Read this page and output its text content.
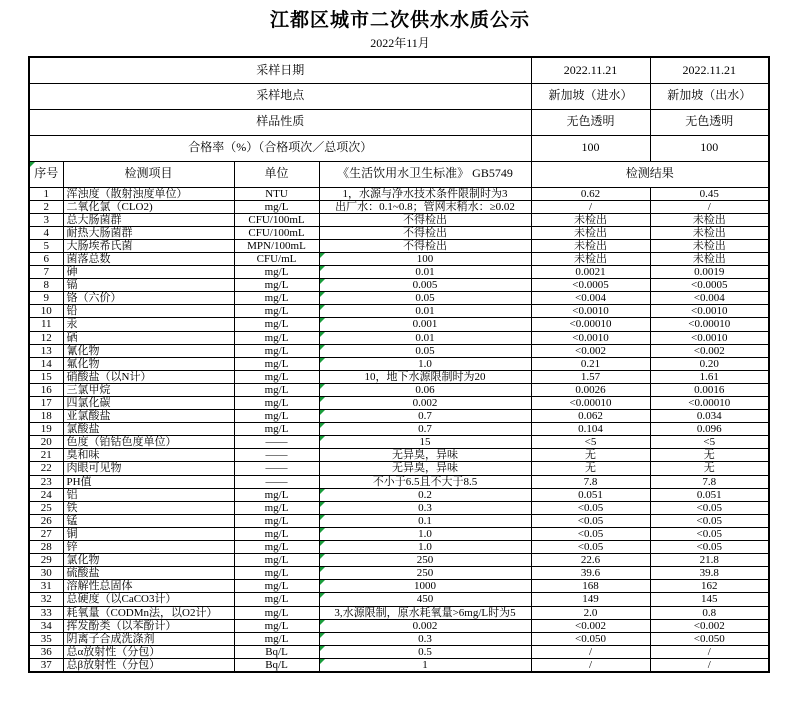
江都区城市二次供水水质公示
2022年11月
采样日期				2022.11.21	2022.11.21
采样地点				新加坡（进水）	新加坡（出水）
样品性质				无色透明	无色透明
合格率（%）（合格项次／总项次）				100	100
序号	检测项目	单位	《生活饮用水卫生标准》 GB5749	检测结果	
1	浑浊度（散射浊度单位）	NTU	1，水源与净水技术条件限制时为3	0.62	0.45
2	二氧化氯（CLO2)	mg/L	出厂水：0.1~0.8；管网末稍水：≥0.02	/	/
3	总大肠菌群	CFU/100mL	不得检出	未检出	未检出
4	耐热大肠菌群	CFU/100mL	不得检出	未检出	未检出
5	大肠埃希氏菌	MPN/100mL	不得检出	未检出	未检出
6	菌落总数	CFU/mL	100	未检出	未检出
7	砷	mg/L	0.01	0.0021	0.0019
8	镉	mg/L	0.005	<0.0005	<0.0005
9	铬（六价）	mg/L	0.05	<0.004	<0.004
10	铅	mg/L	0.01	<0.0010	<0.0010
11	汞	mg/L	0.001	<0.00010	<0.00010
12	硒	mg/L	0.01	<0.0010	<0.0010
13	氰化物	mg/L	0.05	<0.002	<0.002
14	氟化物	mg/L	1.0	0.21	0.20
15	硝酸盐（以N计）	mg/L	10，地下水源限制时为20	1.57	1.61
16	三氯甲烷	mg/L	0.06	0.0026	0.0016
17	四氯化碳	mg/L	0.002	<0.00010	<0.00010
18	亚氯酸盐	mg/L	0.7	0.062	0.034
19	氯酸盐	mg/L	0.7	0.104	0.096
20	色度（铂钴色度单位）	——	15	<5	<5
21	臭和味	——	无异臭，异味	无	无
22	肉眼可见物	——	无异臭，异味	无	无
23	PH值	——	不小于6.5且不大于8.5	7.8	7.8
24	铝	mg/L	0.2	0.051	0.051
25	铁	mg/L	0.3	<0.05	<0.05
26	锰	mg/L	0.1	<0.05	<0.05
27	铜	mg/L	1.0	<0.05	<0.05
28	锌	mg/L	1.0	<0.05	<0.05
29	氯化物	mg/L	250	22.6	21.8
30	硫酸盐	mg/L	250	39.6	39.8
31	溶解性总固体	mg/L	1000	168	162
32	总硬度（以CaCO3计）	mg/L	450	149	145
33	耗氧量（CODMn法，以O2计）	mg/L	3,水源限制，原水耗氧量>6mg/L时为5	2.0	0.8
34	挥发酚类（以苯酚计）	mg/L	0.002	<0.002	<0.002
35	阴离子合成洗涤剂	mg/L	0.3	<0.050	<0.050
36	总α放射性（分包）	Bq/L	0.5	/	/
37	总β放射性（分包）	Bq/L	1	/	/
